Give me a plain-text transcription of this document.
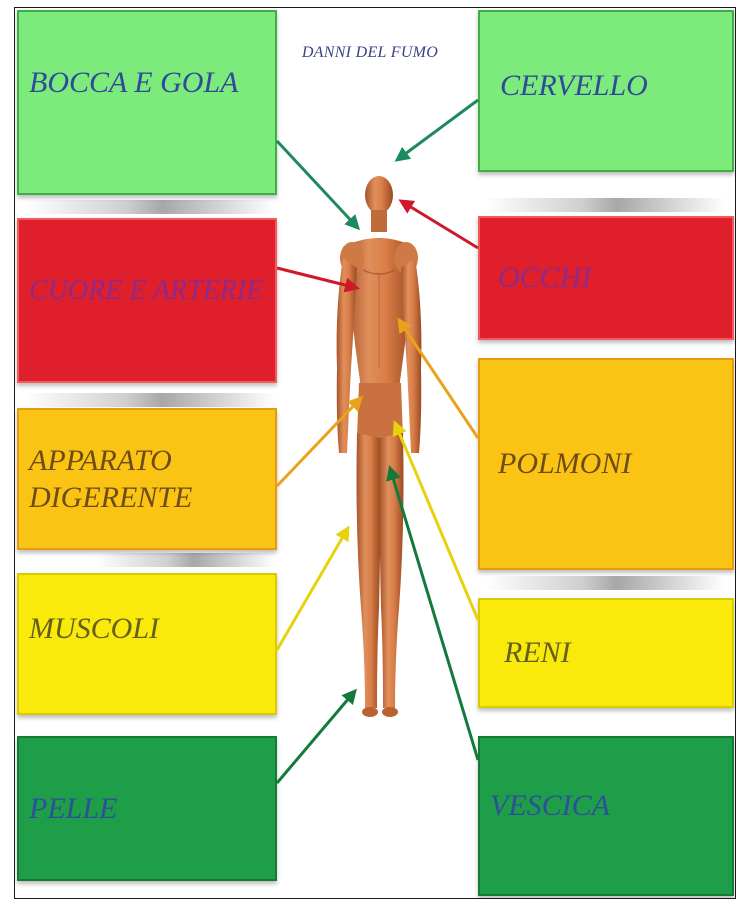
DANNI DEL FUMO
BOCCA E GOLA
CUORE E ARTERIE
APPARATO DIGERENTE
MUSCOLI
PELLE
CERVELLO
OCCHI
POLMONI
RENI
VESCICA
